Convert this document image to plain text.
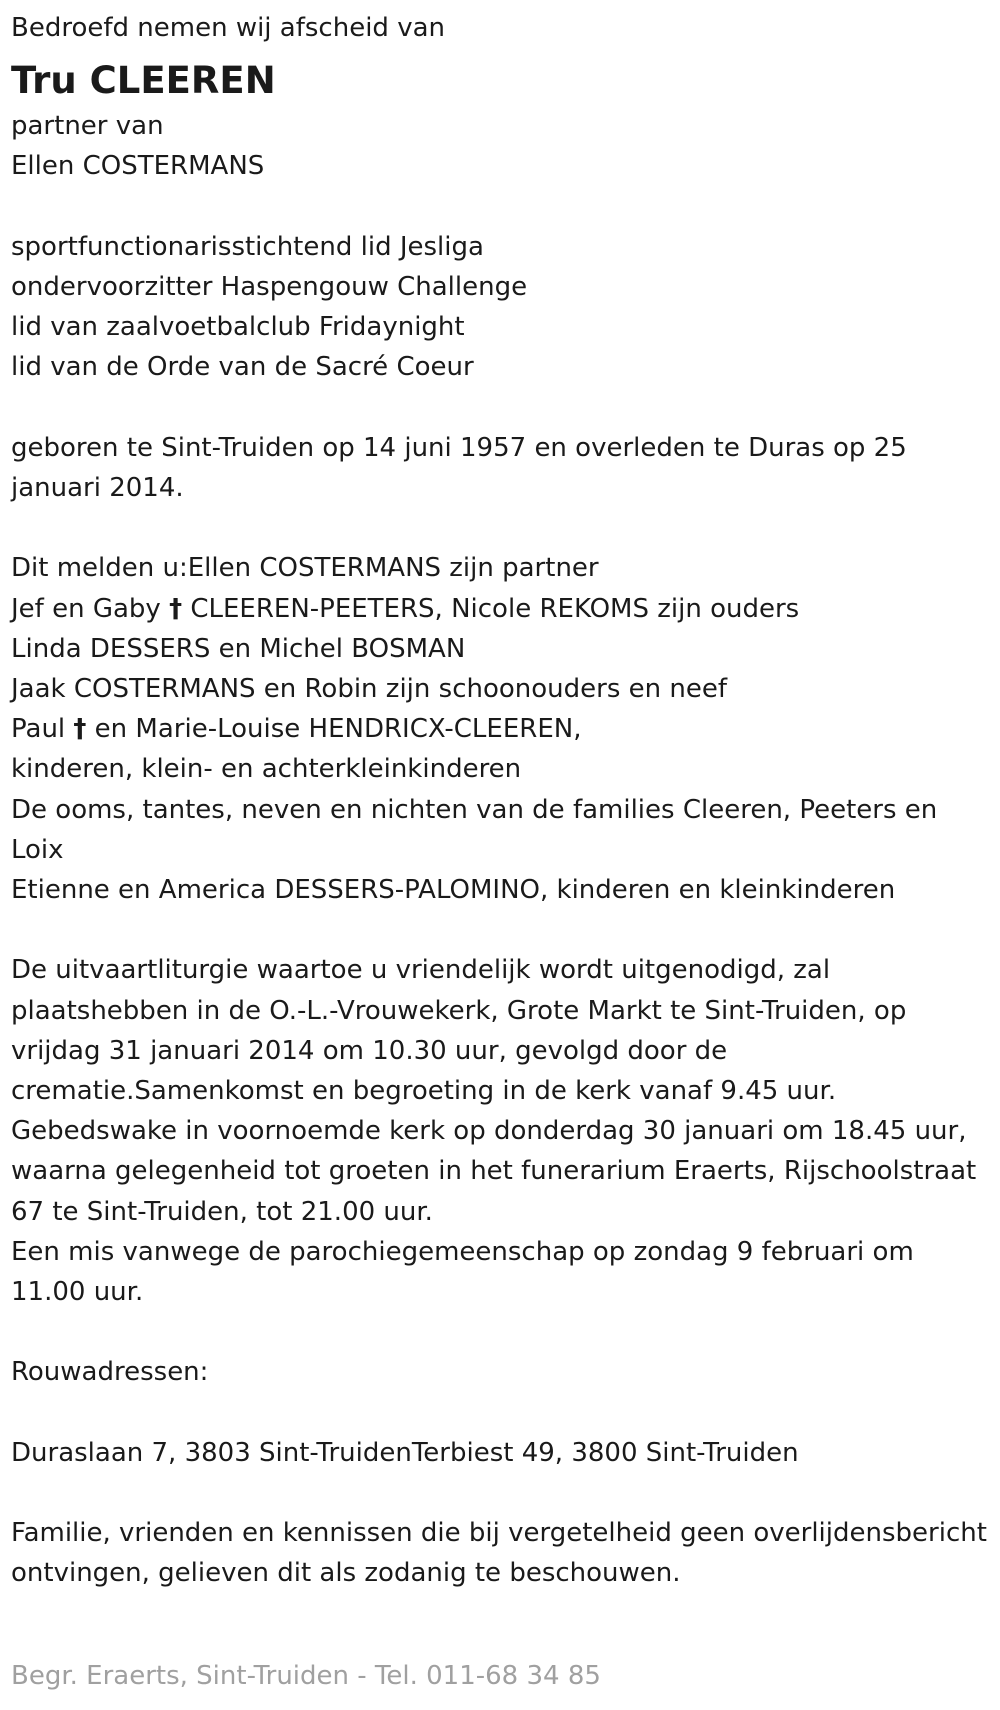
Bedroefd nemen wij afscheid van

Tru CLEEREN

partner van

Ellen COSTERMANS

sportfunctionarisstichtend lid Jesliga

ondervoorzitter Haspengouw Challenge

lid van zaalvoetbalclub Fridaynight

lid van de Orde van de Sacré Coeur

geboren te Sint-Truiden op 14 juni 1957 en overleden te Duras op 25

januari 2014.

Dit melden u:Ellen COSTERMANS zijn partner

Jef en Gaby † CLEEREN-PEETERS, Nicole REKOMS zijn ouders

Linda DESSERS en Michel BOSMAN

Jaak COSTERMANS en Robin zijn schoonouders en neef

Paul † en Marie-Louise HENDRICX-CLEEREN,

kinderen, klein- en achterkleinkinderen

De ooms, tantes, neven en nichten van de families Cleeren, Peeters en Loix

Etienne en America DESSERS-PALOMINO, kinderen en kleinkinderen

De uitvaartliturgie waartoe u vriendelijk wordt uitgenodigd, zal plaatshebben in de O.-L.-Vrouwekerk, Grote Markt te Sint-Truiden, op vrijdag 31 januari 2014 om 10.30 uur, gevolgd door de crematie.Samenkomst en begroeting in de kerk vanaf 9.45 uur.

Gebedswake in voornoemde kerk op donderdag 30 januari om 18.45 uur, waarna gelegenheid tot groeten in het funerarium Eraerts, Rijschoolstraat 67 te Sint-Truiden, tot 21.00 uur.

Een mis vanwege de parochiegemeenschap op zondag 9 februari om 11.00 uur.

Rouwadressen:

Duraslaan 7, 3803 Sint-TruidenTerbiest 49, 3800 Sint-Truiden

Familie, vrienden en kennissen die bij vergetelheid geen overlijdensbericht ontvingen, gelieven dit als zodanig te beschouwen.

Begr. Eraerts, Sint-Truiden - Tel. 011-68 34 85
